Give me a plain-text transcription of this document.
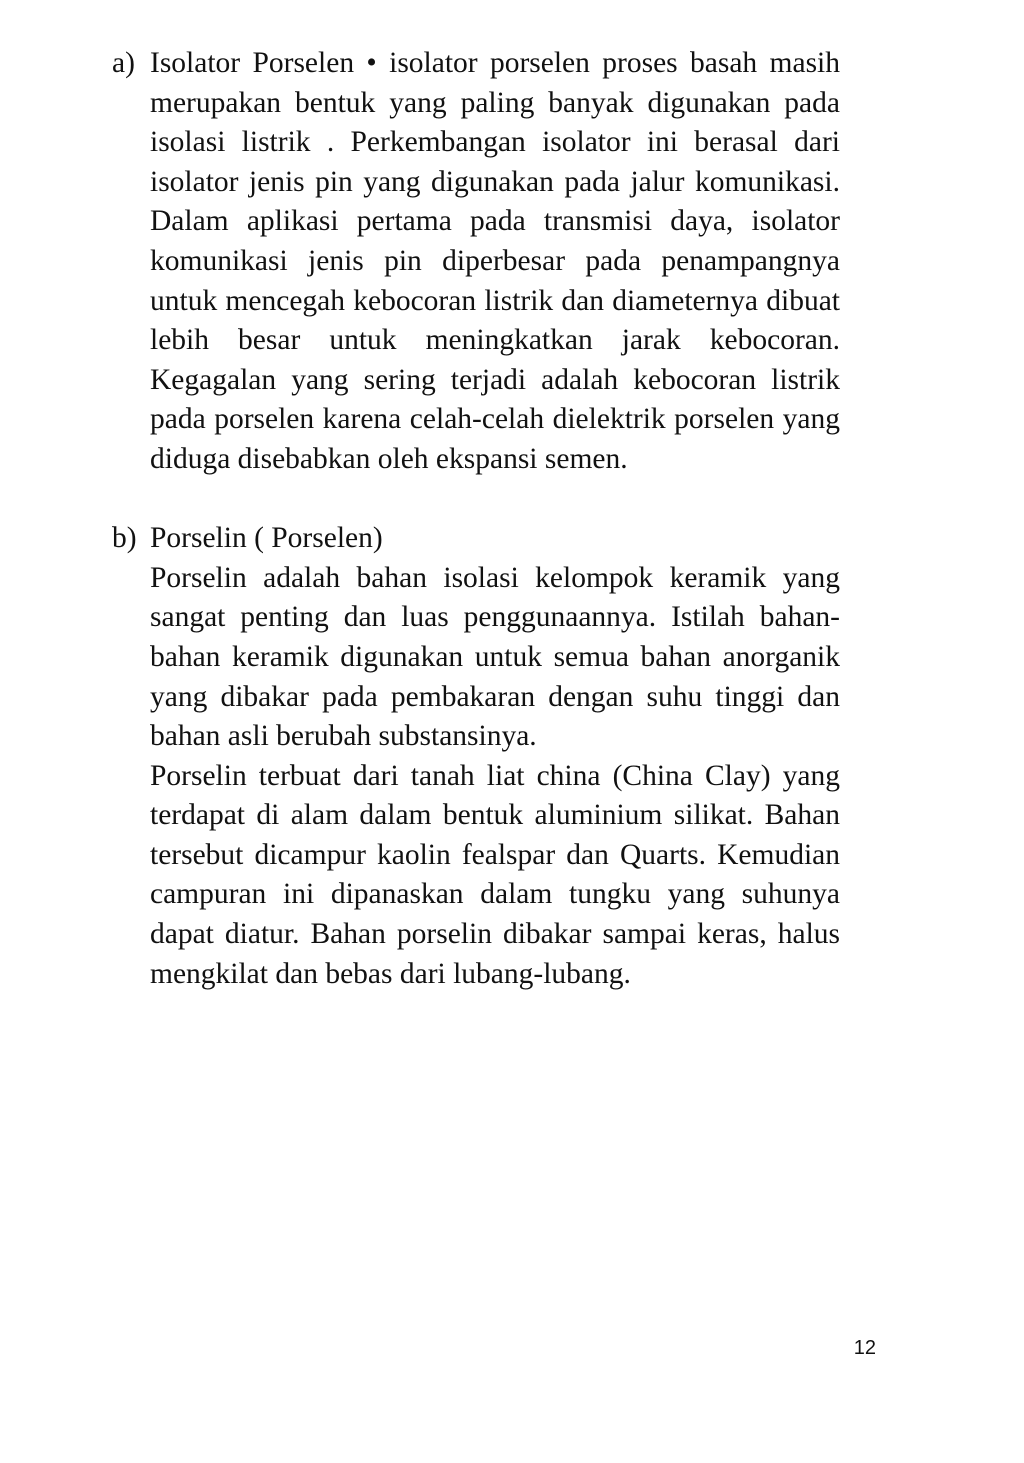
a) Isolator Porselen • isolator porselen proses basah masih merupakan bentuk yang paling banyak digunakan pada isolasi listrik . Perkembangan isolator ini berasal dari isolator jenis pin yang digunakan pada jalur komunikasi. Dalam aplikasi pertama pada transmisi daya, isolator komunikasi jenis pin diperbesar pada penampangnya untuk mencegah kebocoran listrik dan diameternya dibuat lebih besar untuk meningkatkan jarak kebocoran. Kegagalan yang sering terjadi adalah kebocoran listrik pada porselen karena celah-celah dielektrik porselen yang diduga disebabkan oleh ekspansi semen.

b) Porselin ( Porselen)

Porselin adalah bahan isolasi kelompok keramik yang sangat penting dan luas penggunaannya. Istilah bahan-bahan keramik digunakan untuk semua bahan anorganik yang dibakar pada pembakaran dengan suhu tinggi dan bahan asli berubah substansinya.

Porselin terbuat dari tanah liat china (China Clay) yang terdapat di alam dalam bentuk aluminium silikat. Bahan tersebut dicampur kaolin fealspar dan Quarts. Kemudian campuran ini dipanaskan dalam tungku yang suhunya dapat diatur. Bahan porselin dibakar sampai keras, halus mengkilat dan bebas dari lubang-lubang.

12
